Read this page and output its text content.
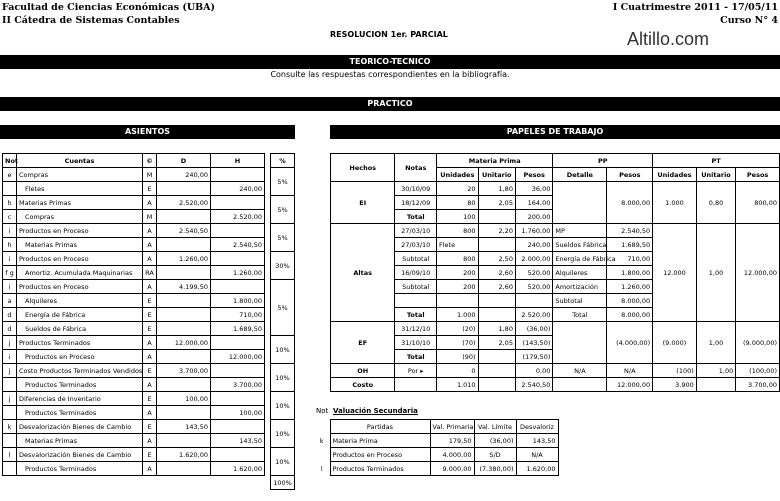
Facultad de Ciencias Económicas (UBA)
II Cátedra de Sistemas Contables
I Cuatrimestre 2011 - 17/05/11
Curso N° 4
RESOLUCION 1er. PARCIAL	Altillo.com
TEORICO-TECNICO
Consulte las respuestas correspondientes en la bibliografía.
PRACTICO
ASIENTOS	PAPELES DE TRABAJO
Not	Cuentas	©	D	H
e	Compras	M	240,00	
	Fletes	E		240,00
h	Materias Primas	A	2.520,00	
c	Compras	M		2.520,00
i	Productos en Proceso	A	2.540,50	
h	Materias Primas	A		2.540,50
i	Productos en Proceso	A	1.260,00	
f g	Amortiz. Acumulada Maquinarias	RA		1.260,00
i	Productos en Proceso	A	4.199,50	
a	Alquileres	E		1.800,00
d	Energía de Fábrica	E		710,00
d	Sueldos de Fábrica	E		1.689,50
j	Productos Terminados	A	12.000,00	
i	Productos en Proceso	A		12.000,00
j	Costo Productos Terminados Vendidos	E	3.700,00	
	Productos Terminados	A		3.700,00
j	Diferencias de Inventario	E	100,00	
	Productos Terminados	A		100,00
k	Desvalorización Bienes de Cambio	E	143,50	
	Materias Primas	A		143,50
l	Desvalorización Bienes de Cambio	E	1.620,00	
	Productos Terminados	A		1.620,00
%
5%
5%
5%
30%
5%
10%
10%
10%
10%
10%
100%
Hechos	Notas	Materia Prima			PP		PT		
		Unidades	Unitario	Pesos	Detalle	Pesos	Unidades	Unitario	Pesos
EI	30/10/09	20	1,80	36,00		8.000,00	1.000	0,80	800,00
	18/12/09	80	2,05	164,00					
	Total	100		200,00					
Altas	27/03/10	800	2,20	1.760,00	MP	2.540,50	12.000	1,00	12.000,00
	27/03/10	Flete		240,00	Sueldos Fábrica	1.689,50			
	Subtotal	800	2,50	2.000,00	Energía de Fábrica	710,00			
	16/09/10	200	2,60	520,00	Alquileres	1.800,00			
	Subtotal	200	2,60	520,00	Amortización	1.260,00			
					Subtotal	8.000,00			
	Total	1.000		2.520,00	Total	8.000,00			
EF	31/12/10	(20)	1,80	(36,00)		(4.000,00)	(9.000)	1,00	(9.000,00)
	31/10/10	(70)	2,05	(143,50)					
	Total	(90)		(179,50)					
OH	Por ▸	0		0,00	N/A	N/A	(100)	1,00	(100,00)
Costo		1.010		2.540,50		12.000,00	3.900		3.700,00
Not Valuación Secundaria
	Partidas	Val. Primaria	Val. Límite	Desvaloriz
k	Materia Prima	179,50	(36,00)	143,50
	Productos en Proceso	4.000,00	S/D	N/A
l	Productos Terminados	9.000,00	(7.380,00)	1.620,00
